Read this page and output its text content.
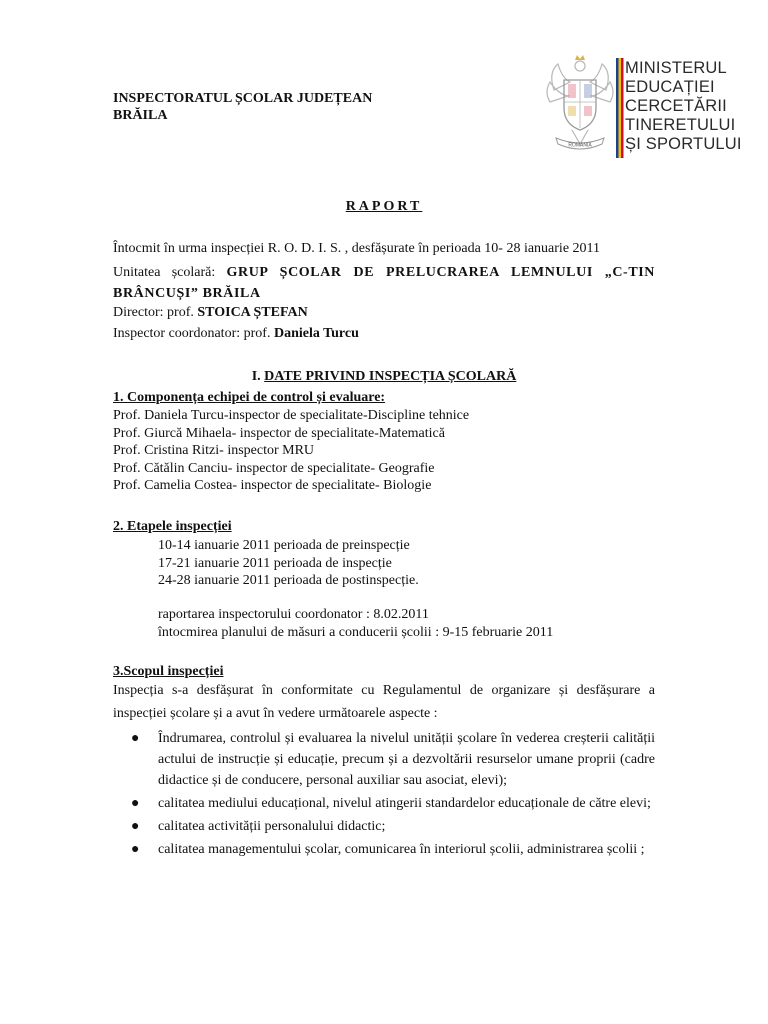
INSPECTORATUL ȘCOLAR JUDEȚEAN
BRĂILA
ROMANIA
MINISTERUL
EDUCAȚIEI
CERCETĂRII
TINERETULUI
ȘI SPORTULUI
RAPORT
Întocmit în urma inspecției R. O. D. I. S. , desfășurate în perioada 10- 28 ianuarie 2011
Unitatea școlară: GRUP ȘCOLAR DE PRELUCRAREA LEMNULUI „C-TIN BRÂNCUȘI” BRĂILA
Director: prof. STOICA ȘTEFAN
Inspector coordonator: prof. Daniela Turcu
I. DATE PRIVIND INSPECȚIA ȘCOLARĂ
1. Componența echipei de control și evaluare:
Prof. Daniela Turcu-inspector de specialitate-Discipline tehnice
Prof. Giurcă Mihaela- inspector de specialitate-Matematică
Prof. Cristina Ritzi- inspector MRU
Prof. Cătălin Canciu- inspector de specialitate- Geografie
Prof. Camelia Costea- inspector de specialitate- Biologie
2. Etapele inspecției
10-14 ianuarie 2011 perioada de preinspecție
17-21 ianuarie 2011 perioada de inspecție
24-28 ianuarie 2011 perioada de postinspecție.
raportarea inspectorului coordonator : 8.02.2011
întocmirea planului de măsuri a conducerii școlii : 9-15 februarie 2011
3.Scopul inspecției
Inspecția s-a desfășurat în conformitate cu Regulamentul de organizare și desfășurare a inspecției școlare și a avut în vedere următoarele aspecte :
● Îndrumarea, controlul și evaluarea la nivelul unității școlare în vederea creșterii calității actului de instrucție și educație, precum și a dezvoltării resurselor umane proprii (cadre didactice și de conducere, personal auxiliar sau asociat, elevi);
● calitatea mediului educațional, nivelul atingerii standardelor educaționale de către elevi;
● calitatea activității personalului didactic;
● calitatea managementului școlar, comunicarea în interiorul școlii, administrarea școlii ;
